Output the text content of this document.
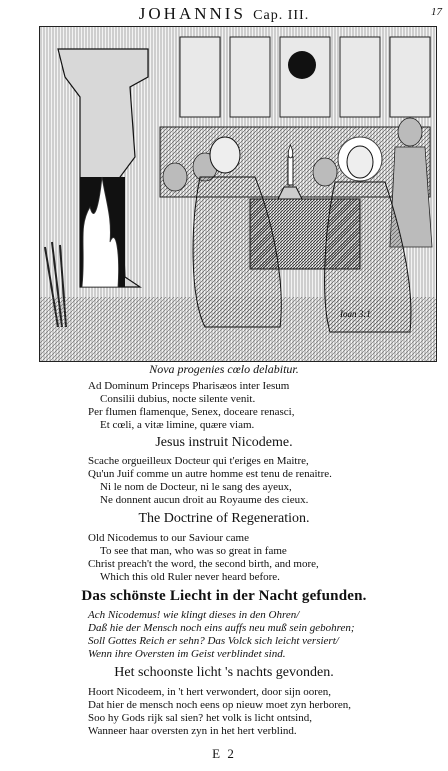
JOHANNIS Cap. III.	17
Ioan 3:1
Nova progenies cœlo delabitur.
Ad Dominum Princeps Pharisæos inter Iesum
Consilii dubius, nocte silente venit.
Per flumen flamenque, Senex, doceare renasci,
Et cœli, a vitæ limine, quære viam.
Jesus instruit Nicodeme.
Scache orgueilleux Docteur qui t'eriges en Maitre,
Qu'un Juif comme un autre homme est tenu de renaitre.
Ni le nom de Docteur, ni le sang des ayeux,
Ne donnent aucun droit au Royaume des cieux.
The Doctrine of Regeneration.
Old Nicodemus to our Saviour came
To see that man, who was so great in fame
Christ preach't the word, the second birth, and more,
Which this old Ruler never heard before.
Das schönste Liecht in der Nacht gefunden.
Ach Nicodemus! wie klingt dieses in den Ohren/
Daß hie der Mensch noch eins auffs neu muß sein gebohren;
Soll Gottes Reich er sehn? Das Volck sich leicht versiert/
Wenn ihre Oversten im Geist verblindet sind.
Het schoonste licht 's nachts gevonden.
Hoort Nicodeem, in 't hert verwondert, door sijn ooren,
Dat hier de mensch noch eens op nieuw moet zyn herboren,
Soo hy Gods rijk sal sien? het volk is licht ontsind,
Wanneer haar oversten zyn in het hert verblind.
E 2
